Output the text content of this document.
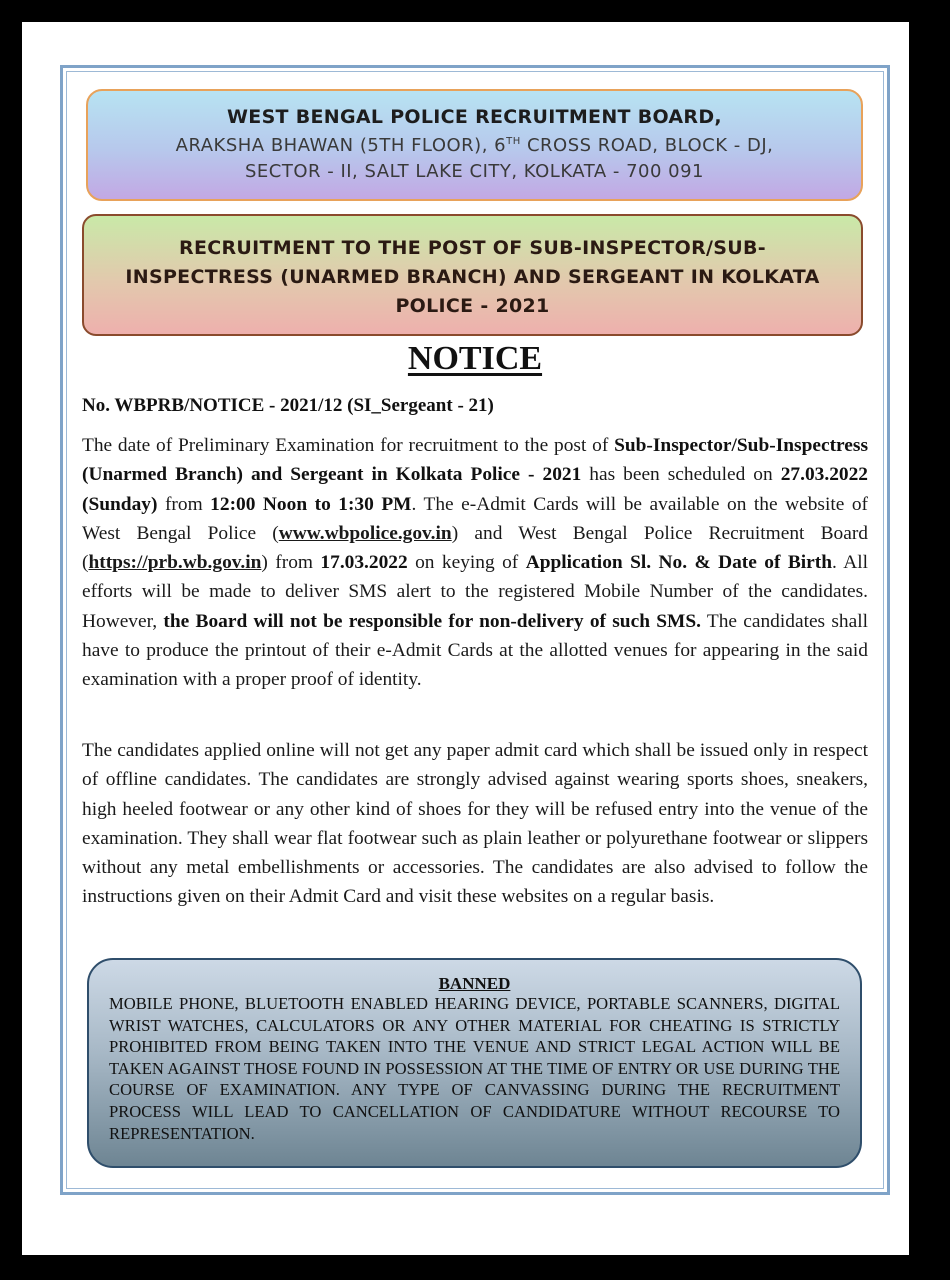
WEST BENGAL POLICE RECRUITMENT BOARD,
ARAKSHA BHAWAN (5TH FLOOR), 6TH CROSS ROAD, BLOCK - DJ,
SECTOR - II, SALT LAKE CITY, KOLKATA - 700 091
RECRUITMENT TO THE POST OF SUB-INSPECTOR/SUB-INSPECTRESS (UNARMED BRANCH) AND SERGEANT IN KOLKATA POLICE - 2021
NOTICE
No. WBPRB/NOTICE - 2021/12 (SI_Sergeant - 21)
The date of Preliminary Examination for recruitment to the post of Sub-Inspector/Sub-Inspectress (Unarmed Branch) and Sergeant in Kolkata Police - 2021 has been scheduled on 27.03.2022 (Sunday) from 12:00 Noon to 1:30 PM. The e-Admit Cards will be available on the website of West Bengal Police (www.wbpolice.gov.in) and West Bengal Police Recruitment Board (https://prb.wb.gov.in) from 17.03.2022 on keying of Application Sl. No. & Date of Birth. All efforts will be made to deliver SMS alert to the registered Mobile Number of the candidates. However, the Board will not be responsible for non-delivery of such SMS. The candidates shall have to produce the printout of their e-Admit Cards at the allotted venues for appearing in the said examination with a proper proof of identity.
The candidates applied online will not get any paper admit card which shall be issued only in respect of offline candidates. The candidates are strongly advised against wearing sports shoes, sneakers, high heeled footwear or any other kind of shoes for they will be refused entry into the venue of the examination. They shall wear flat footwear such as plain leather or polyurethane footwear or slippers without any metal embellishments or accessories. The candidates are also advised to follow the instructions given on their Admit Card and visit these websites on a regular basis.
BANNED
MOBILE PHONE, BLUETOOTH ENABLED HEARING DEVICE, PORTABLE SCANNERS, DIGITAL WRIST WATCHES, CALCULATORS OR ANY OTHER MATERIAL FOR CHEATING IS STRICTLY PROHIBITED FROM BEING TAKEN INTO THE VENUE AND STRICT LEGAL ACTION WILL BE TAKEN AGAINST THOSE FOUND IN POSSESSION AT THE TIME OF ENTRY OR USE DURING THE COURSE OF EXAMINATION. ANY TYPE OF CANVASSING DURING THE RECRUITMENT PROCESS WILL LEAD TO CANCELLATION OF CANDIDATURE WITHOUT RECOURSE TO REPRESENTATION.
